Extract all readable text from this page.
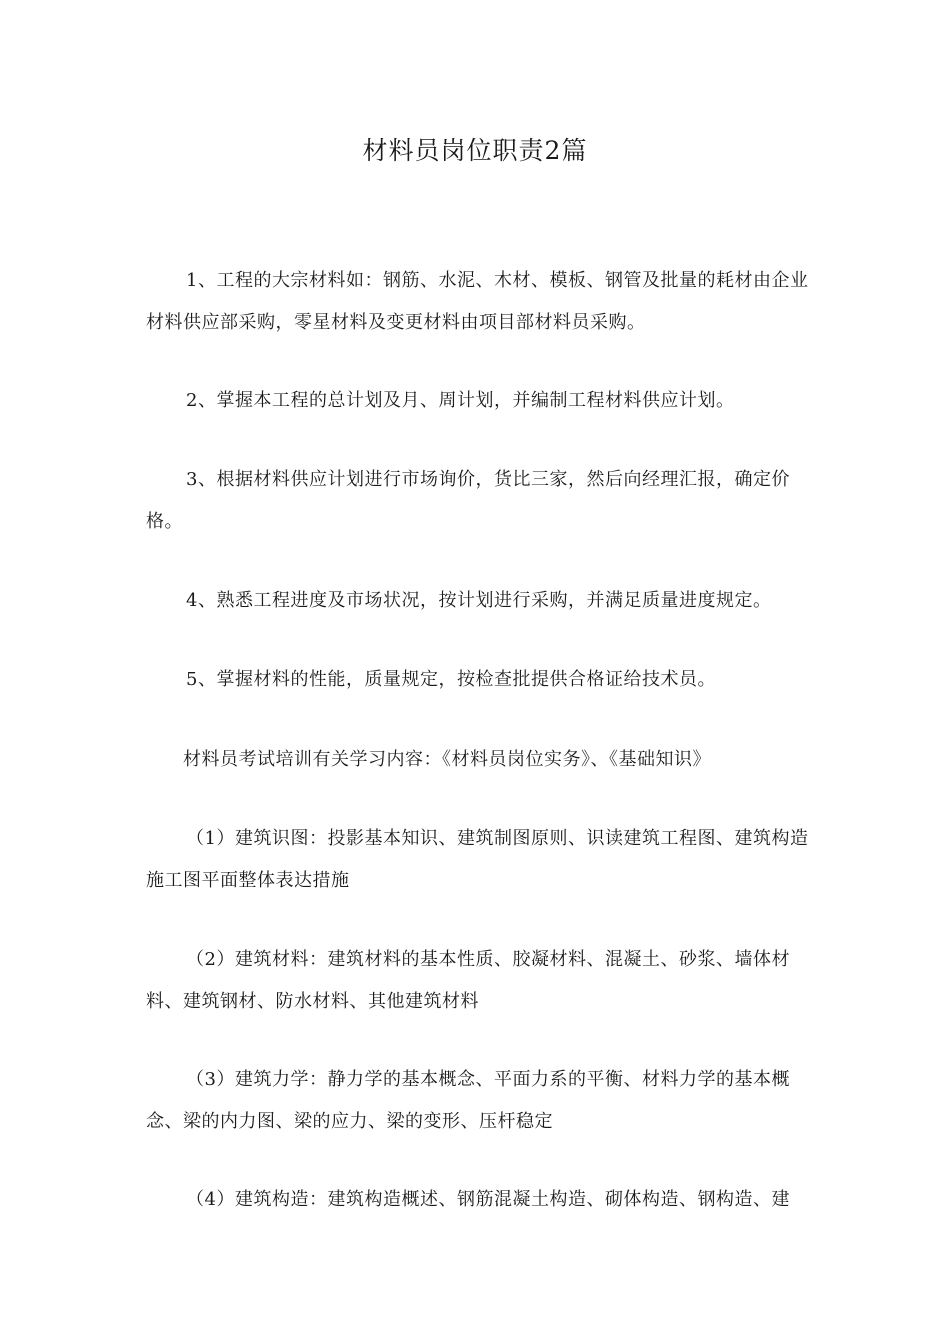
材料员岗位职责2篇

1、工程的大宗材料如：钢筋、水泥、木材、模板、钢管及批量的耗材由企业材料供应部采购，零星材料及变更材料由项目部材料员采购。

2、掌握本工程的总计划及月、周计划，并编制工程材料供应计划。

3、根据材料供应计划进行市场询价，货比三家，然后向经理汇报，确定价格。

4、熟悉工程进度及市场状况，按计划进行采购，并满足质量进度规定。

5、掌握材料的性能，质量规定，按检查批提供合格证给技术员。

材料员考试培训有关学习内容：《材料员岗位实务》、《基础知识》

（1）建筑识图：投影基本知识、建筑制图原则、识读建筑工程图、建筑构造施工图平面整体表达措施

（2）建筑材料：建筑材料的基本性质、胶凝材料、混凝土、砂浆、墙体材料、建筑钢材、防水材料、其他建筑材料

（3）建筑力学：静力学的基本概念、平面力系的平衡、材料力学的基本概念、梁的内力图、梁的应力、梁的变形、压杆稳定

（4）建筑构造：建筑构造概述、钢筋混凝土构造、砌体构造、钢构造、建
